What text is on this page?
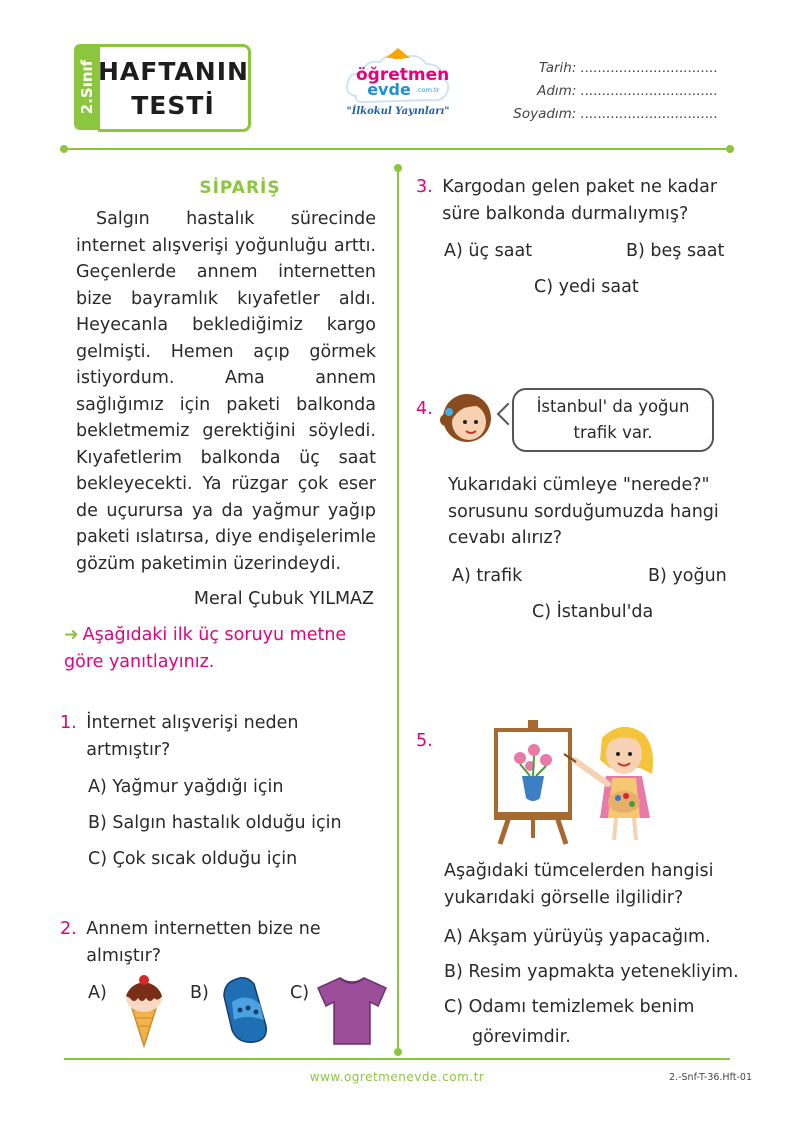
2.Sınıf HAFTANIN
TESTİ
öğretmen
evde .com.tr
"İlkokul Yayınları"
Tarih: ................................
Adım: ................................
Soyadım: ................................
SİPARİŞ

Salgın hastalık sürecinde internet alışverişi yoğunluğu arttı. Geçenlerde annem internetten bize bayramlık kıyafetler aldı. Heyecanla beklediğimiz kargo gelmişti. Hemen açıp görmek istiyordum. Ama annem sağlığımız için paketi balkonda bekletmemiz gerektiğini söyledi. Kıyafetlerim balkonda üç saat bekleyecekti. Ya rüzgar çok eser de uçurursa ya da yağmur yağıp paketi ıslatırsa, diye endişelerimle gözüm paketimin üzerindeydi.

Meral Çubuk YILMAZ
➜ Aşağıdaki ilk üç soruyu metne göre yanıtlayınız.
1. İnternet alışverişi neden artmıştır?
A) Yağmur yağdığı için
B) Salgın hastalık olduğu için
C) Çok sıcak olduğu için
2. Annem internetten bize ne almıştır?
A)	B)	C)
3. Kargodan gelen paket ne kadar süre balkonda durmalıymış?
A) üç saat	B) beş saat
C) yedi saat
4.	İstanbul' da yoğun
trafik var.
Yukarıdaki cümleye "nerede?" sorusunu sorduğumuzda hangi cevabı alırız?
A) trafik	B) yoğun
C) İstanbul'da
5.
Aşağıdaki tümcelerden hangisi yukarıdaki görselle ilgilidir?
A) Akşam yürüyüş yapacağım.
B) Resim yapmakta yetenekliyim.
C) Odamı temizlemek benim
görevimdir.
www.ogretmenevde.com.tr	2.-Snf-T-36.Hft-01
